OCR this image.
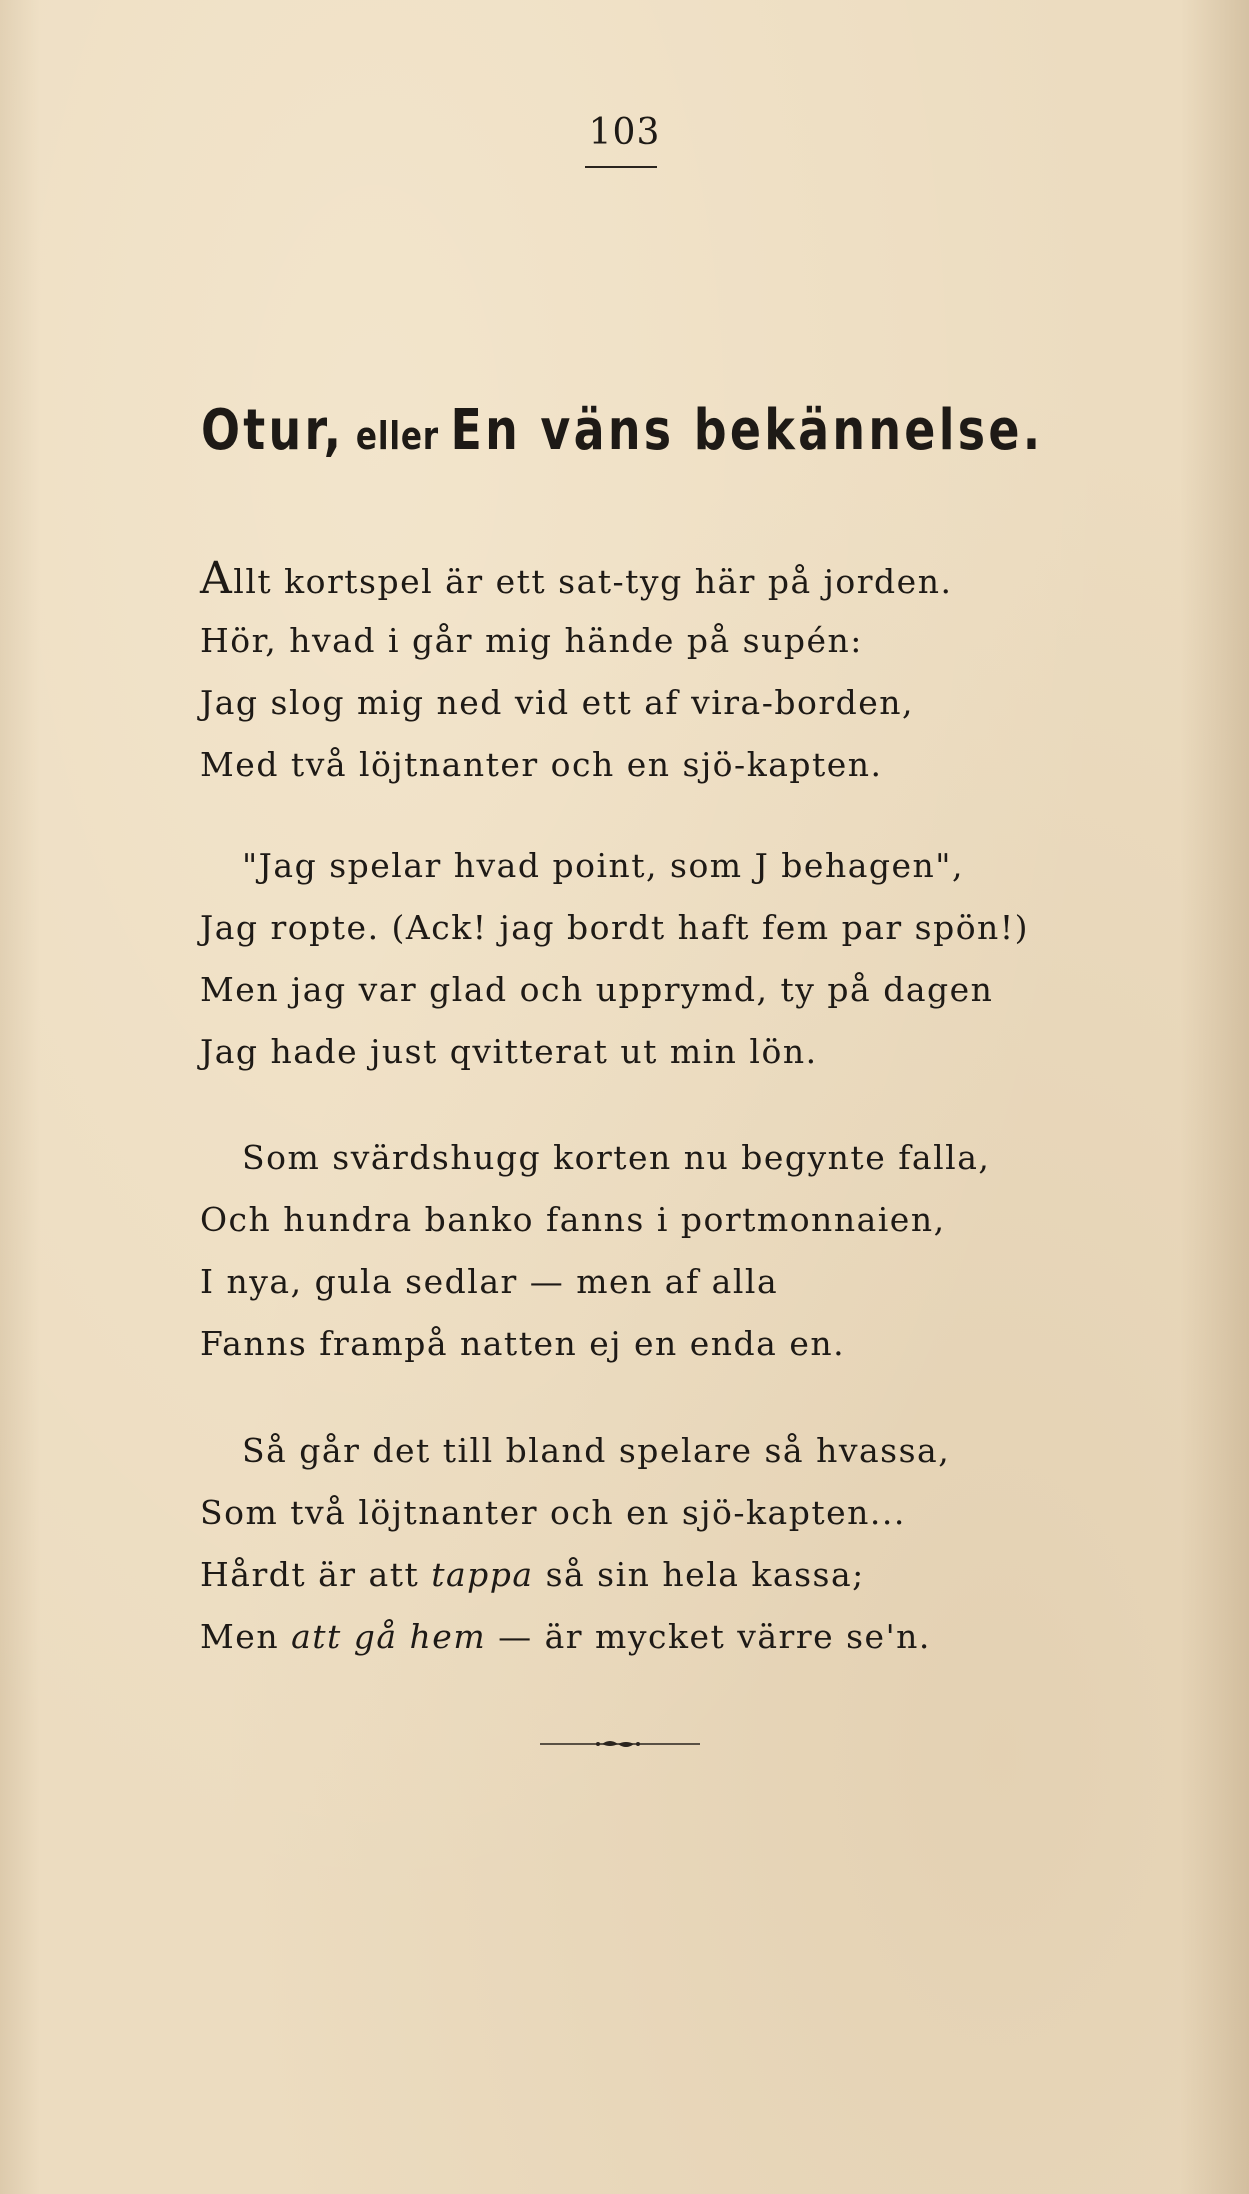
103
Otur, eller En väns bekännelse.
Allt kortspel är ett sat-tyg här på jorden.
Hör, hvad i går mig hände på supén:
Jag slog mig ned vid ett af vira-borden,
Med två löjtnanter och en sjö-kapten.
"Jag spelar hvad point, som J behagen",
Jag ropte. (Ack! jag bordt haft fem par spön!)
Men jag var glad och upprymd, ty på dagen
Jag hade just qvitterat ut min lön.
Som svärdshugg korten nu begynte falla,
Och hundra banko fanns i portmonnaien,
I nya, gula sedlar — men af alla
Fanns frampå natten ej en enda en.
Så går det till bland spelare så hvassa,
Som två löjtnanter och en sjö-kapten...
Hårdt är att tappa så sin hela kassa;
Men att gå hem — är mycket värre se'n.
